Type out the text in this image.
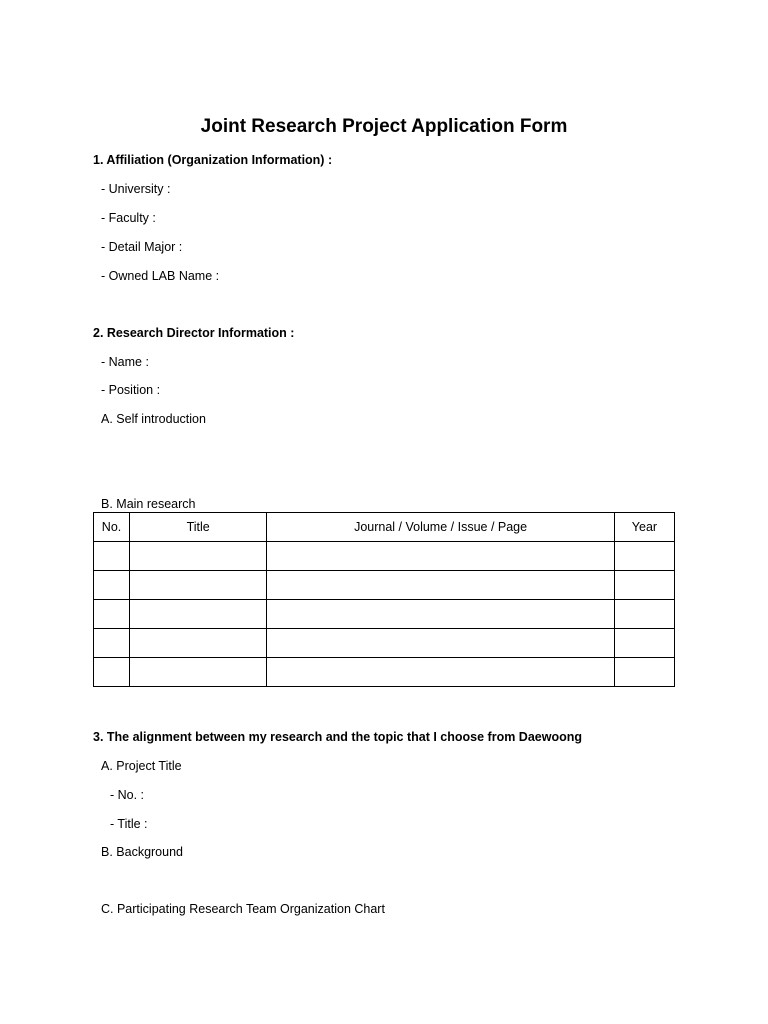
Joint Research Project Application Form
1. Affiliation (Organization Information) :
- University :
- Faculty :
- Detail Major :
- Owned LAB Name :
2. Research Director Information :
- Name :
- Position :
A. Self introduction
B. Main research
No.	Title	Journal / Volume / Issue / Page	Year

3. The alignment between my research and the topic that I choose from Daewoong
A. Project Title
- No. :
- Title :
B. Background
C. Participating Research Team Organization Chart
